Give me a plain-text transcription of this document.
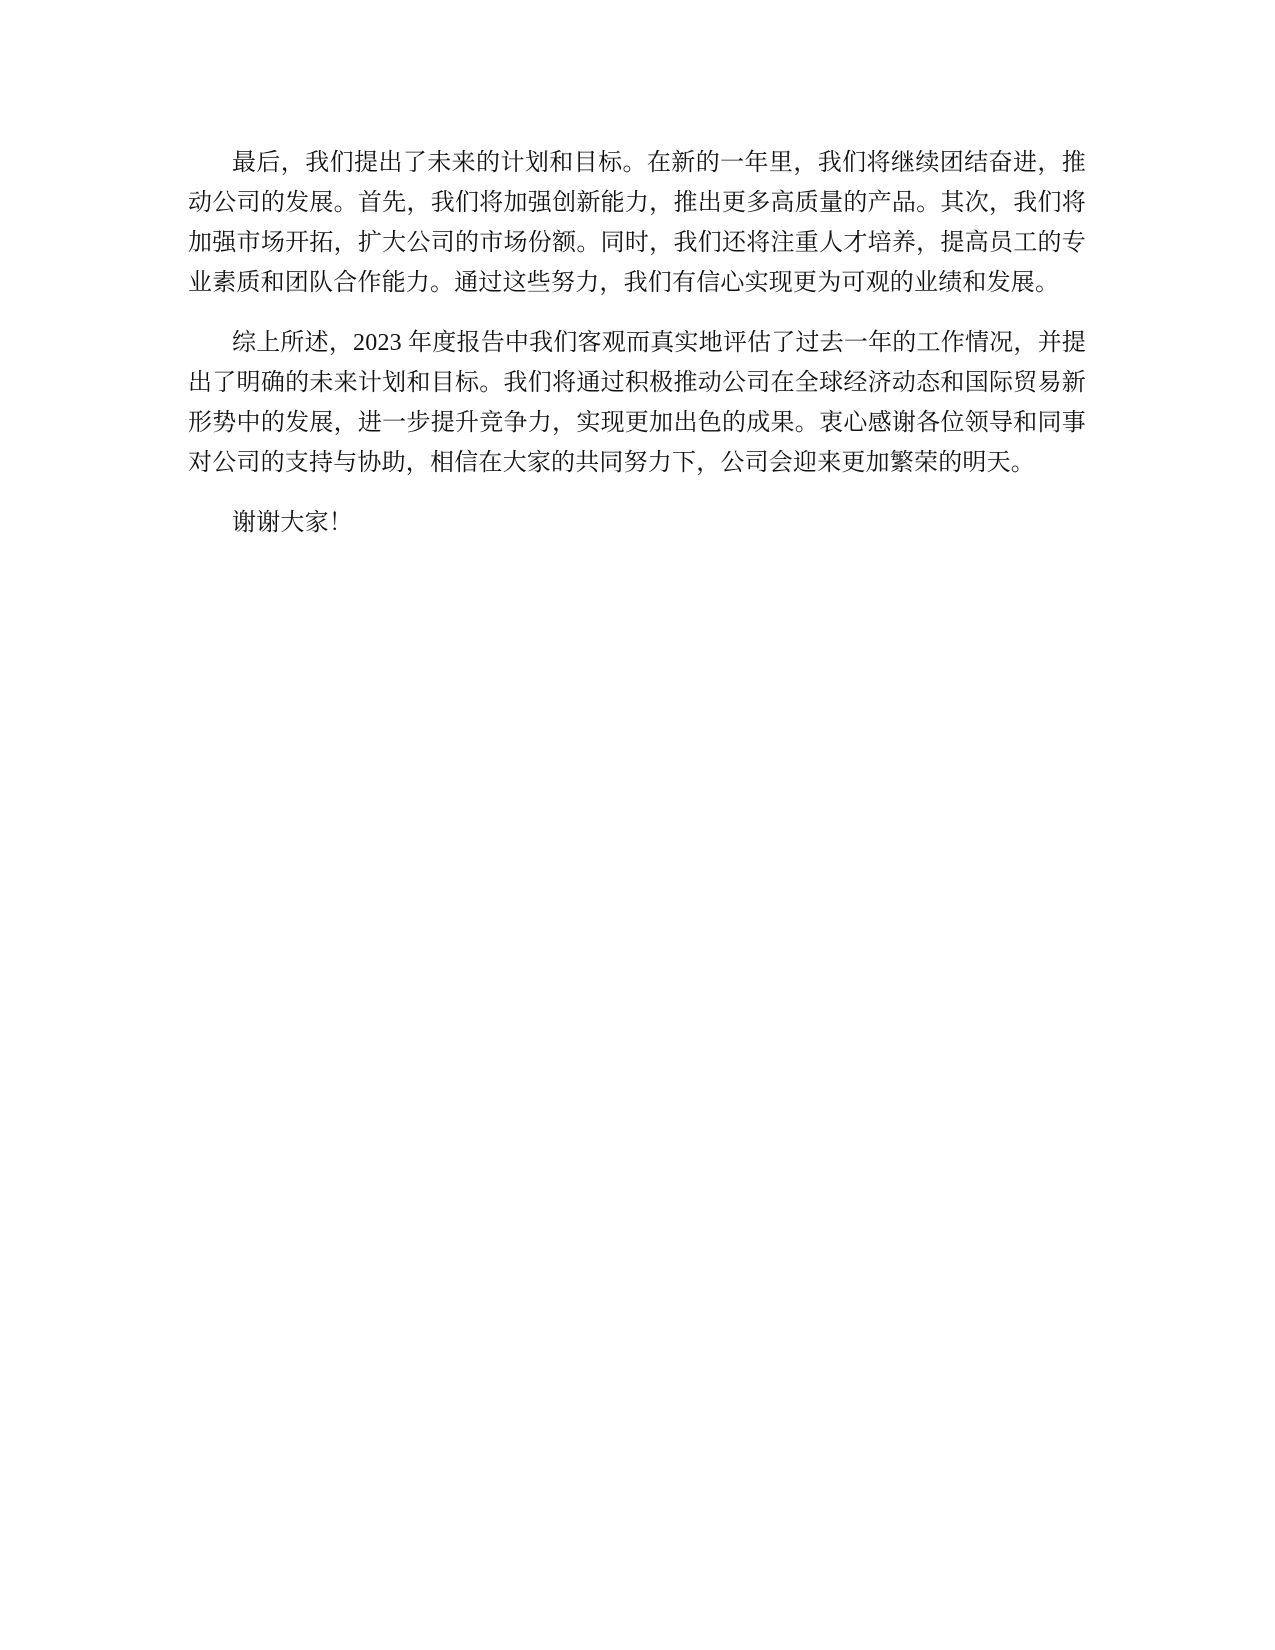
最后，我们提出了未来的计划和目标。在新的一年里，我们将继续团结奋进，推动公司的发展。首先，我们将加强创新能力，推出更多高质量的产品。其次，我们将加强市场开拓，扩大公司的市场份额。同时，我们还将注重人才培养，提高员工的专业素质和团队合作能力。通过这些努力，我们有信心实现更为可观的业绩和发展。

综上所述，2023 年度报告中我们客观而真实地评估了过去一年的工作情况，并提出了明确的未来计划和目标。我们将通过积极推动公司在全球经济动态和国际贸易新形势中的发展，进一步提升竞争力，实现更加出色的成果。衷心感谢各位领导和同事对公司的支持与协助，相信在大家的共同努力下，公司会迎来更加繁荣的明天。

谢谢大家！
